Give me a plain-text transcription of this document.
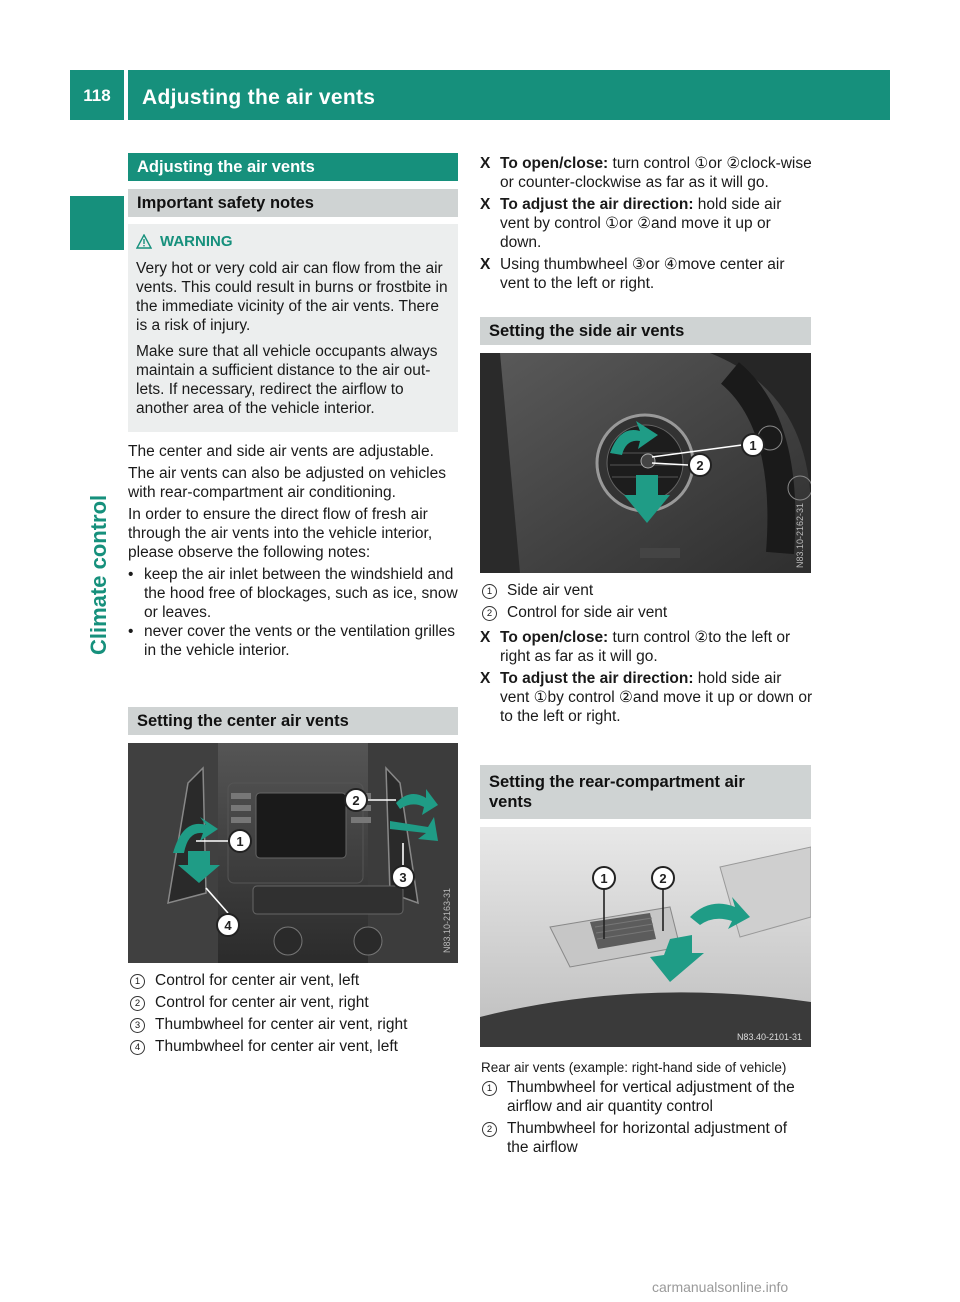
118 Adjusting the air vents
Climate control
Adjusting the air vents
Important safety notes
WARNING

Very hot or very cold air can flow from the air vents. This could result in burns or frostbite in the immediate vicinity of the air vents. There is a risk of injury.

Make sure that all vehicle occupants always maintain a sufficient distance to the air out-lets. If necessary, redirect the airflow to another area of the vehicle interior.

The center and side air vents are adjustable.

The air vents can also be adjusted on vehicles with rear-compartment air conditioning.

In order to ensure the direct flow of fresh air through the air vents into the vehicle interior, please observe the following notes:

• keep the air inlet between the windshield and the hood free of blockages, such as ice, snow or leaves.
• never cover the vents or the ventilation grilles in the vehicle interior.
Setting the center air vents
1
2
3
4	N83.10-2163-31
1 Control for center air vent, left
2 Control for center air vent, right
3 Thumbwheel for center air vent, right
4 Thumbwheel for center air vent, left
X To open/close: turn control ①or ②clock-wise or counter-clockwise as far as it will go.
X To adjust the air direction: hold side air vent by control ①or ②and move it up or down.
X Using thumbwheel ③or ④move center air vent to the left or right.
Setting the side air vents
1
2
N83.10-2162-31
1 Side air vent
2 Control for side air vent
X To open/close: turn control ②to the left or right as far as it will go.
X To adjust the air direction: hold side air vent ①by control ②and move it up or down or to the left or right.
Setting the rear-compartment air vents
1	2
N83.40-2101-31
Rear air vents (example: right-hand side of vehicle)
1 Thumbwheel for vertical adjustment of the airflow and air quantity control
2 Thumbwheel for horizontal adjustment of the airflow
carmanualsonline.info
